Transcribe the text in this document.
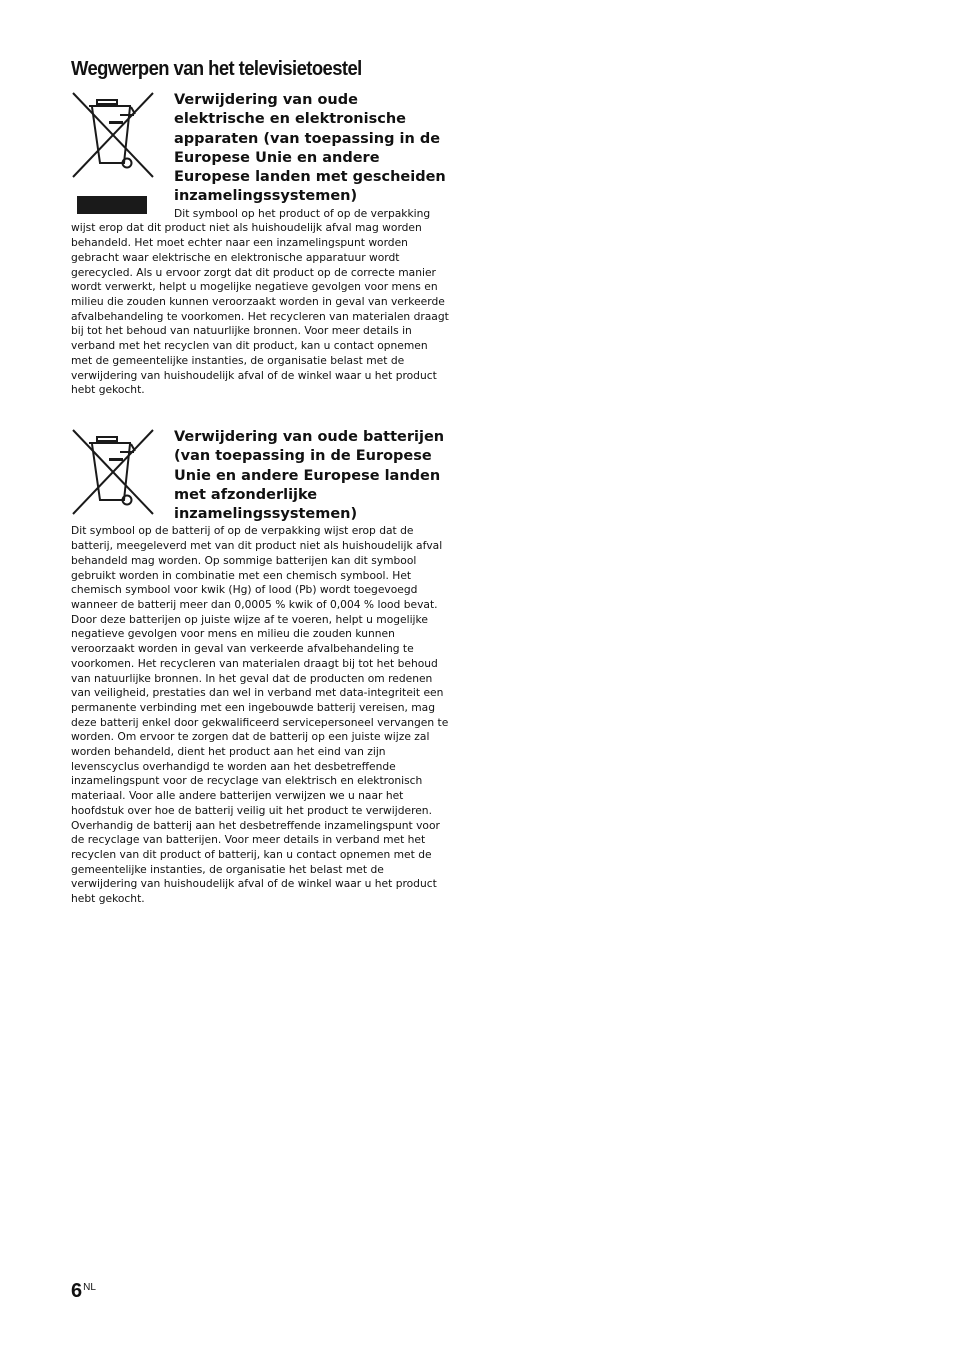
Wegwerpen van het televisietoestel
Verwijdering van oude elektrische en elektronische apparaten (van toepassing in de Europese Unie en andere Europese landen met gescheiden inzamelingssystemen)

Dit symbool op het product of op de verpakking wijst erop dat dit product niet als huishoudelijk afval mag worden behandeld. Het moet echter naar een inzamelingspunt worden gebracht waar elektrische en elektronische apparatuur wordt gerecycled. Als u ervoor zorgt dat dit product op de correcte manier wordt verwerkt, helpt u mogelijke negatieve gevolgen voor mens en milieu die zouden kunnen veroorzaakt worden in geval van verkeerde afvalbehandeling te voorkomen. Het recycleren van materialen draagt bij tot het behoud van natuurlijke bronnen. Voor meer details in verband met het recyclen van dit product, kan u contact opnemen met de gemeentelijke instanties, de organisatie belast met de verwijdering van huishoudelijk afval of de winkel waar u het product hebt gekocht.

Verwijdering van oude batterijen (van toepassing in de Europese Unie en andere Europese landen met afzonderlijke inzamelingssystemen)

Dit symbool op de batterij of op de verpakking wijst erop dat de batterij, meegeleverd met van dit product niet als huishoudelijk afval behandeld mag worden. Op sommige batterijen kan dit symbool gebruikt worden in combinatie met een chemisch symbool. Het chemisch symbool voor kwik (Hg) of lood (Pb) wordt toegevoegd wanneer de batterij meer dan 0,0005 % kwik of 0,004 % lood bevat. Door deze batterijen op juiste wijze af te voeren, helpt u mogelijke negatieve gevolgen voor mens en milieu die zouden kunnen veroorzaakt worden in geval van verkeerde afvalbehandeling te voorkomen. Het recycleren van materialen draagt bij tot het behoud van natuurlijke bronnen. In het geval dat de producten om redenen van veiligheid, prestaties dan wel in verband met data-integriteit een permanente verbinding met een ingebouwde batterij vereisen, mag deze batterij enkel door gekwalificeerd servicepersoneel vervangen te worden. Om ervoor te zorgen dat de batterij op een juiste wijze zal worden behandeld, dient het product aan het eind van zijn levenscyclus overhandigd te worden aan het desbetreffende inzamelingspunt voor de recyclage van elektrisch en elektronisch materiaal. Voor alle andere batterijen verwijzen we u naar het hoofdstuk over hoe de batterij veilig uit het product te verwijderen. Overhandig de batterij aan het desbetreffende inzamelingspunt voor de recyclage van batterijen. Voor meer details in verband met het recyclen van dit product of batterij, kan u contact opnemen met de gemeentelijke instanties, de organisatie het belast met de verwijdering van huishoudelijk afval of de winkel waar u het product hebt gekocht.

$6^{NL}$
